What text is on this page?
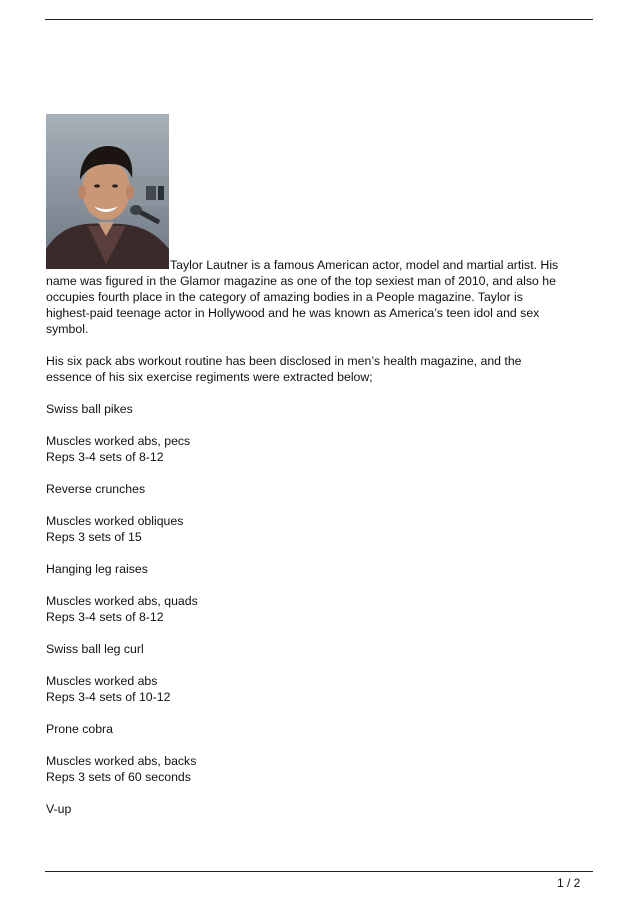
Taylor Lautner is a famous American actor, model and martial artist. His
name was figured in the Glamor magazine as one of the top sexiest man of 2010, and also he
occupies fourth place in the category of amazing bodies in a People magazine. Taylor is
highest-paid teenage actor in Hollywood and he was known as America’s teen idol and sex
symbol.
His six pack abs workout routine has been disclosed in men’s health magazine, and the
essence of his six exercise regiments were extracted below;
Swiss ball pikes
Muscles worked abs, pecs
Reps 3-4 sets of 8-12
Reverse crunches
Muscles worked obliques
Reps 3 sets of 15
Hanging leg raises
Muscles worked abs, quads
Reps 3-4 sets of 8-12
Swiss ball leg curl
Muscles worked abs
Reps 3-4 sets of 10-12
Prone cobra
Muscles worked abs, backs
Reps 3 sets of 60 seconds
V-up
1 / 2
